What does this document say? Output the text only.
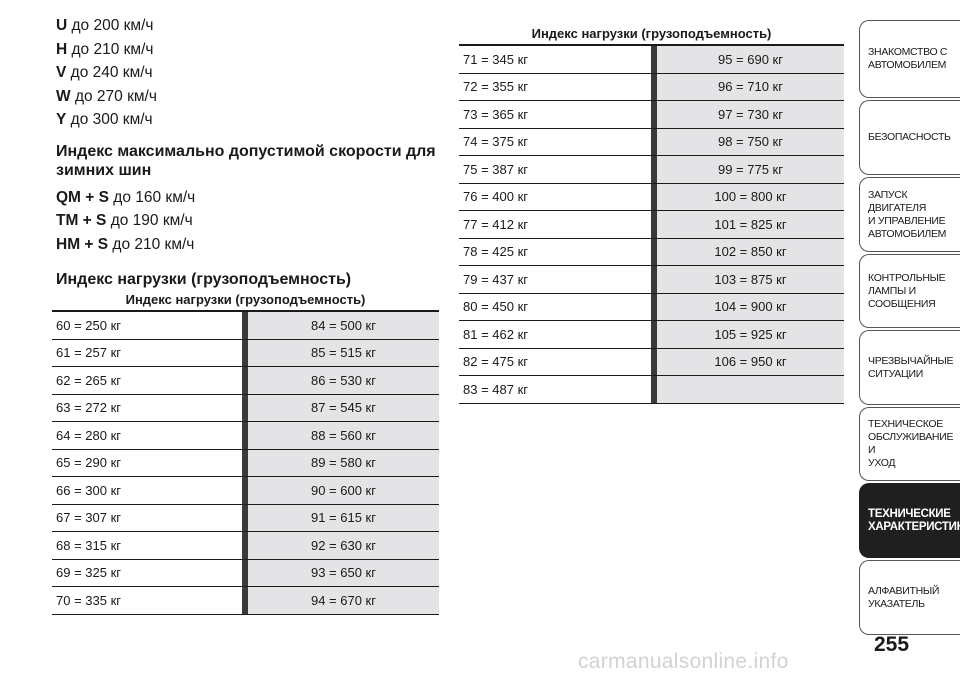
U до 200 км/ч
H до 210 км/ч
V до 240 км/ч
W до 270 км/ч
Y до 300 км/ч
Индекс максимально допустимой скорости для зимних шин
QM + S до 160 км/ч
TM + S до 190 км/ч
HM + S до 210 км/ч
Индекс нагрузки (грузоподъемность)
Индекс нагрузки (грузоподъемность)
60 = 250 кг	84 = 500 кг
61 = 257 кг	85 = 515 кг
62 = 265 кг	86 = 530 кг
63 = 272 кг	87 = 545 кг
64 = 280 кг	88 = 560 кг
65 = 290 кг	89 = 580 кг
66 = 300 кг	90 = 600 кг
67 = 307 кг	91 = 615 кг
68 = 315 кг	92 = 630 кг
69 = 325 кг	93 = 650 кг
70 = 335 кг	94 = 670 кг
Индекс нагрузки (грузоподъемность)
71 = 345 кг	95 = 690 кг
72 = 355 кг	96 = 710 кг
73 = 365 кг	97 = 730 кг
74 = 375 кг	98 = 750 кг
75 = 387 кг	99 = 775 кг
76 = 400 кг	100 = 800 кг
77 = 412 кг	101 = 825 кг
78 = 425 кг	102 = 850 кг
79 = 437 кг	103 = 875 кг
80 = 450 кг	104 = 900 кг
81 = 462 кг	105 = 925 кг
82 = 475 кг	106 = 950 кг
83 = 487 кг
ЗНАКОМСТВО С
АВТОМОБИЛЕМ
БЕЗОПАСНОСТЬ
ЗАПУСК ДВИГАТЕЛЯ
И УПРАВЛЕНИЕ
АВТОМОБИЛЕМ
КОНТРОЛЬНЫЕ
ЛАМПЫ И
СООБЩЕНИЯ
ЧРЕЗВЫЧАЙНЫЕ
СИТУАЦИИ
ТЕХНИЧЕСКОЕ
ОБСЛУЖИВАНИЕ И
УХОД
ТЕХНИЧЕСКИЕ
ХАРАКТЕРИСТИКИ
АЛФАВИТНЫЙ
УКАЗАТЕЛЬ
255
carmanualsonline.info
